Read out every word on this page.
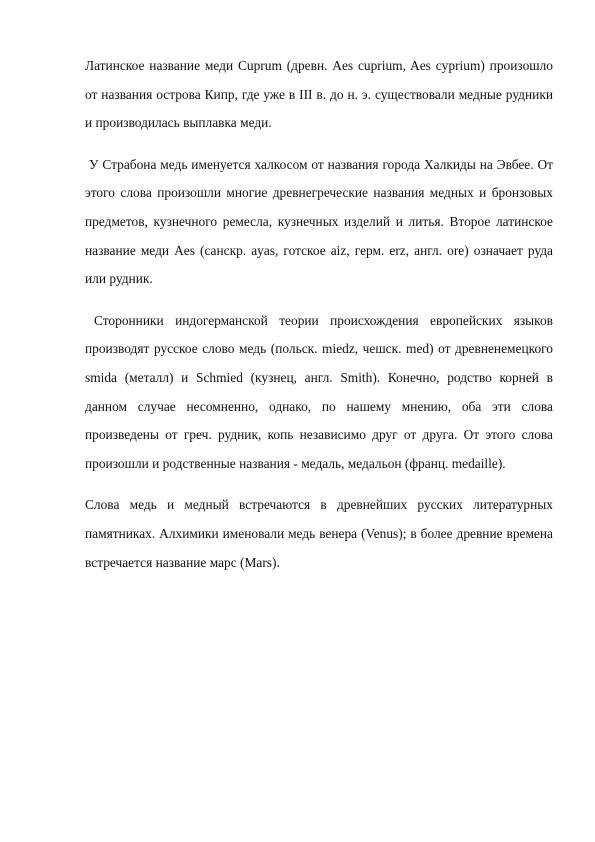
Латинское название меди Cuprum (древн. Aes cuprium, Aes cyprium) произошло от названия острова Кипр, где уже в III в. до н. э. существовали медные рудники и производилась выплавка меди.

У Страбона медь именуется халкосом от названия города Халкиды на Эвбее. От этого слова произошли многие древнегреческие названия медных и бронзовых предметов, кузнечного ремесла, кузнечных изделий и литья. Второе латинское название меди Aes (санскр. ayas, готское aiz, герм. erz, англ. ore) означает руда или рудник.

Сторонники индогерманской теории происхождения европейских языков производят русское слово медь (польск. miedz, чешск. med) от древненемецкого smida (металл) и Schmied (кузнец, англ. Smith). Конечно, родство корней в данном случае несомненно, однако, по нашему мнению, оба эти слова произведены от греч. рудник, копь независимо друг от друга. От этого слова произошли и родственные названия - медаль, медальон (франц. medaille).

Слова медь и медный встречаются в древнейших русских литературных памятниках. Алхимики именовали медь венера (Venus); в более древние времена встречается название марс (Mars).
